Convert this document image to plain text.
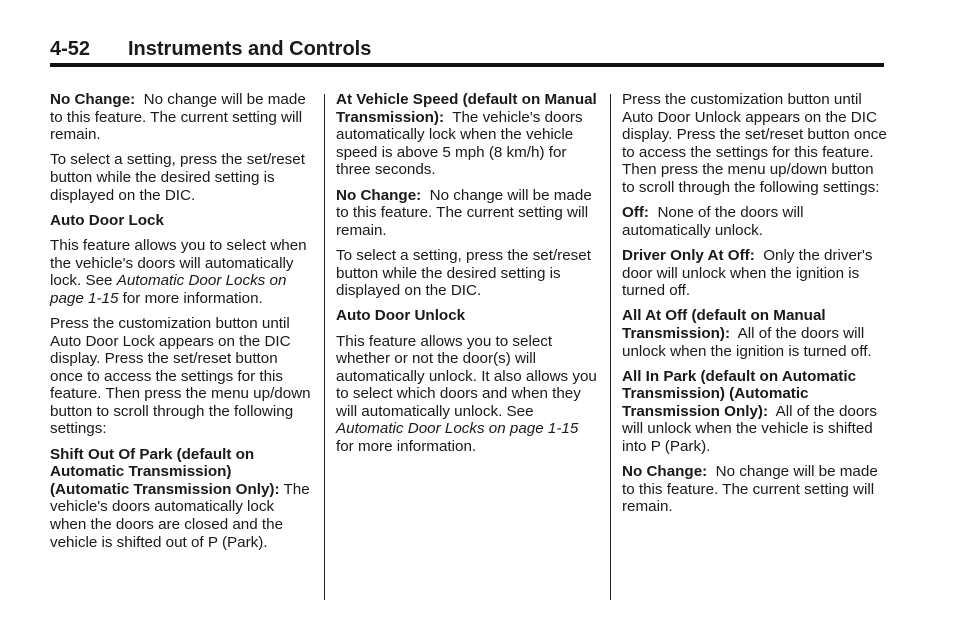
4-52 Instruments and Controls

No Change: No change will be made to this feature. The current setting will remain.

To select a setting, press the set/reset button while the desired setting is displayed on the DIC.

Auto Door Lock

This feature allows you to select when the vehicle's doors will automatically lock. See Automatic Door Locks on page 1-15 for more information.

Press the customization button until Auto Door Lock appears on the DIC display. Press the set/reset button once to access the settings for this feature. Then press the menu up/down button to scroll through the following settings:

Shift Out Of Park (default on Automatic Transmission) (Automatic Transmission Only): The vehicle's doors automatically lock when the doors are closed and the vehicle is shifted out of P (Park).

At Vehicle Speed (default on Manual Transmission): The vehicle's doors automatically lock when the vehicle speed is above 5 mph (8 km/h) for three seconds.

No Change: No change will be made to this feature. The current setting will remain.

To select a setting, press the set/reset button while the desired setting is displayed on the DIC.

Auto Door Unlock

This feature allows you to select whether or not the door(s) will automatically unlock. It also allows you to select which doors and when they will automatically unlock. See Automatic Door Locks on page 1-15 for more information.

Press the customization button until Auto Door Unlock appears on the DIC display. Press the set/reset button once to access the settings for this feature. Then press the menu up/down button to scroll through the following settings:

Off: None of the doors will automatically unlock.

Driver Only At Off: Only the driver's door will unlock when the ignition is turned off.

All At Off (default on Manual Transmission): All of the doors will unlock when the ignition is turned off.

All In Park (default on Automatic Transmission) (Automatic Transmission Only): All of the doors will unlock when the vehicle is shifted into P (Park).

No Change: No change will be made to this feature. The current setting will remain.
